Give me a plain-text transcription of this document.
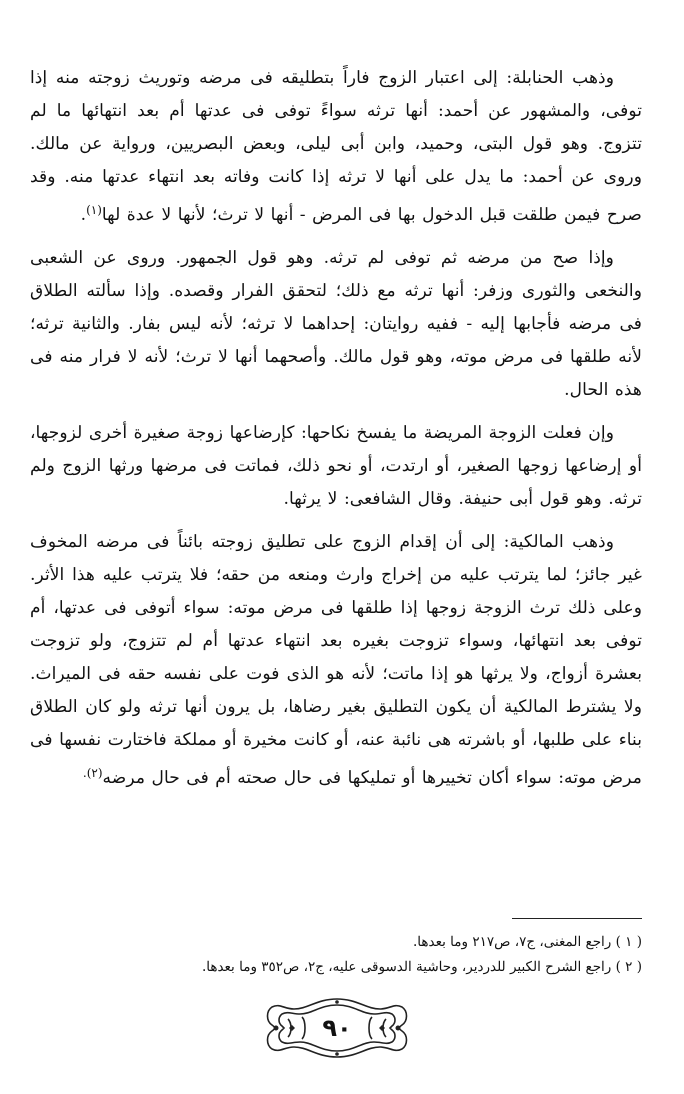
وذهب الحنابلة: إلى اعتبار الزوج فاراً بتطليقه فى مرضه وتوريث زوجته منه إذا توفى، والمشهور عن أحمد: أنها ترثه سواءً توفى فى عدتها أم بعد انتهائها ما لم تتزوج. وهو قول البتى، وحميد، وابن أبى ليلى، وبعض البصريين، ورواية عن مالك. وروى عن أحمد: ما يدل على أنها لا ترثه إذا كانت وفاته بعد انتهاء عدتها منه. وقد صرح فيمن طلقت قبل الدخول بها فى المرض - أنها لا ترث؛ لأنها لا عدة لها$^{(١)}$.

وإذا صح من مرضه ثم توفى لم ترثه. وهو قول الجمهور. وروى عن الشعبى والنخعى والثورى وزفر: أنها ترثه مع ذلك؛ لتحقق الفرار وقصده. وإذا سألته الطلاق فى مرضه فأجابها إليه - ففيه روايتان: إحداهما لا ترثه؛ لأنه ليس بفار. والثانية ترثه؛ لأنه طلقها فى مرض موته، وهو قول مالك. وأصحهما أنها لا ترث؛ لأنه لا فرار منه فى هذه الحال.

وإن فعلت الزوجة المريضة ما يفسخ نكاحها: كإرضاعها زوجة صغيرة أخرى لزوجها، أو إرضاعها زوجها الصغير، أو ارتدت، أو نحو ذلك، فماتت فى مرضها ورثها الزوج ولم ترثه. وهو قول أبى حنيفة. وقال الشافعى: لا يرثها.

وذهب المالكية: إلى أن إقدام الزوج على تطليق زوجته بائناً فى مرضه المخوف غير جائز؛ لما يترتب عليه من إخراج وارث ومنعه من حقه؛ فلا يترتب عليه هذا الأثر. وعلى ذلك ترث الزوجة زوجها إذا طلقها فى مرض موته: سواء أتوفى فى عدتها، أم توفى بعد انتهائها، وسواء تزوجت بغيره بعد انتهاء عدتها أم لم تتزوج، ولو تزوجت بعشرة أزواج، ولا يرثها هو إذا ماتت؛ لأنه هو الذى فوت على نفسه حقه فى الميراث. ولا يشترط المالكية أن يكون التطليق بغير رضاها، بل يرون أنها ترثه ولو كان الطلاق بناء على طلبها، أو باشرته هى نائبة عنه، أو كانت مخيرة أو مملكة فاختارت نفسها فى مرض موته: سواء أكان تخييرها أو تمليكها فى حال صحته أم فى حال مرضه$^{(٢).}$

( ١ ) راجع المغنى، ج٧، ص٢١٧ وما بعدها.

( ٢ ) راجع الشرح الكبير للدردير، وحاشية الدسوقى عليه، ج٢، ص٣٥٢ وما بعدها.

٩٠
